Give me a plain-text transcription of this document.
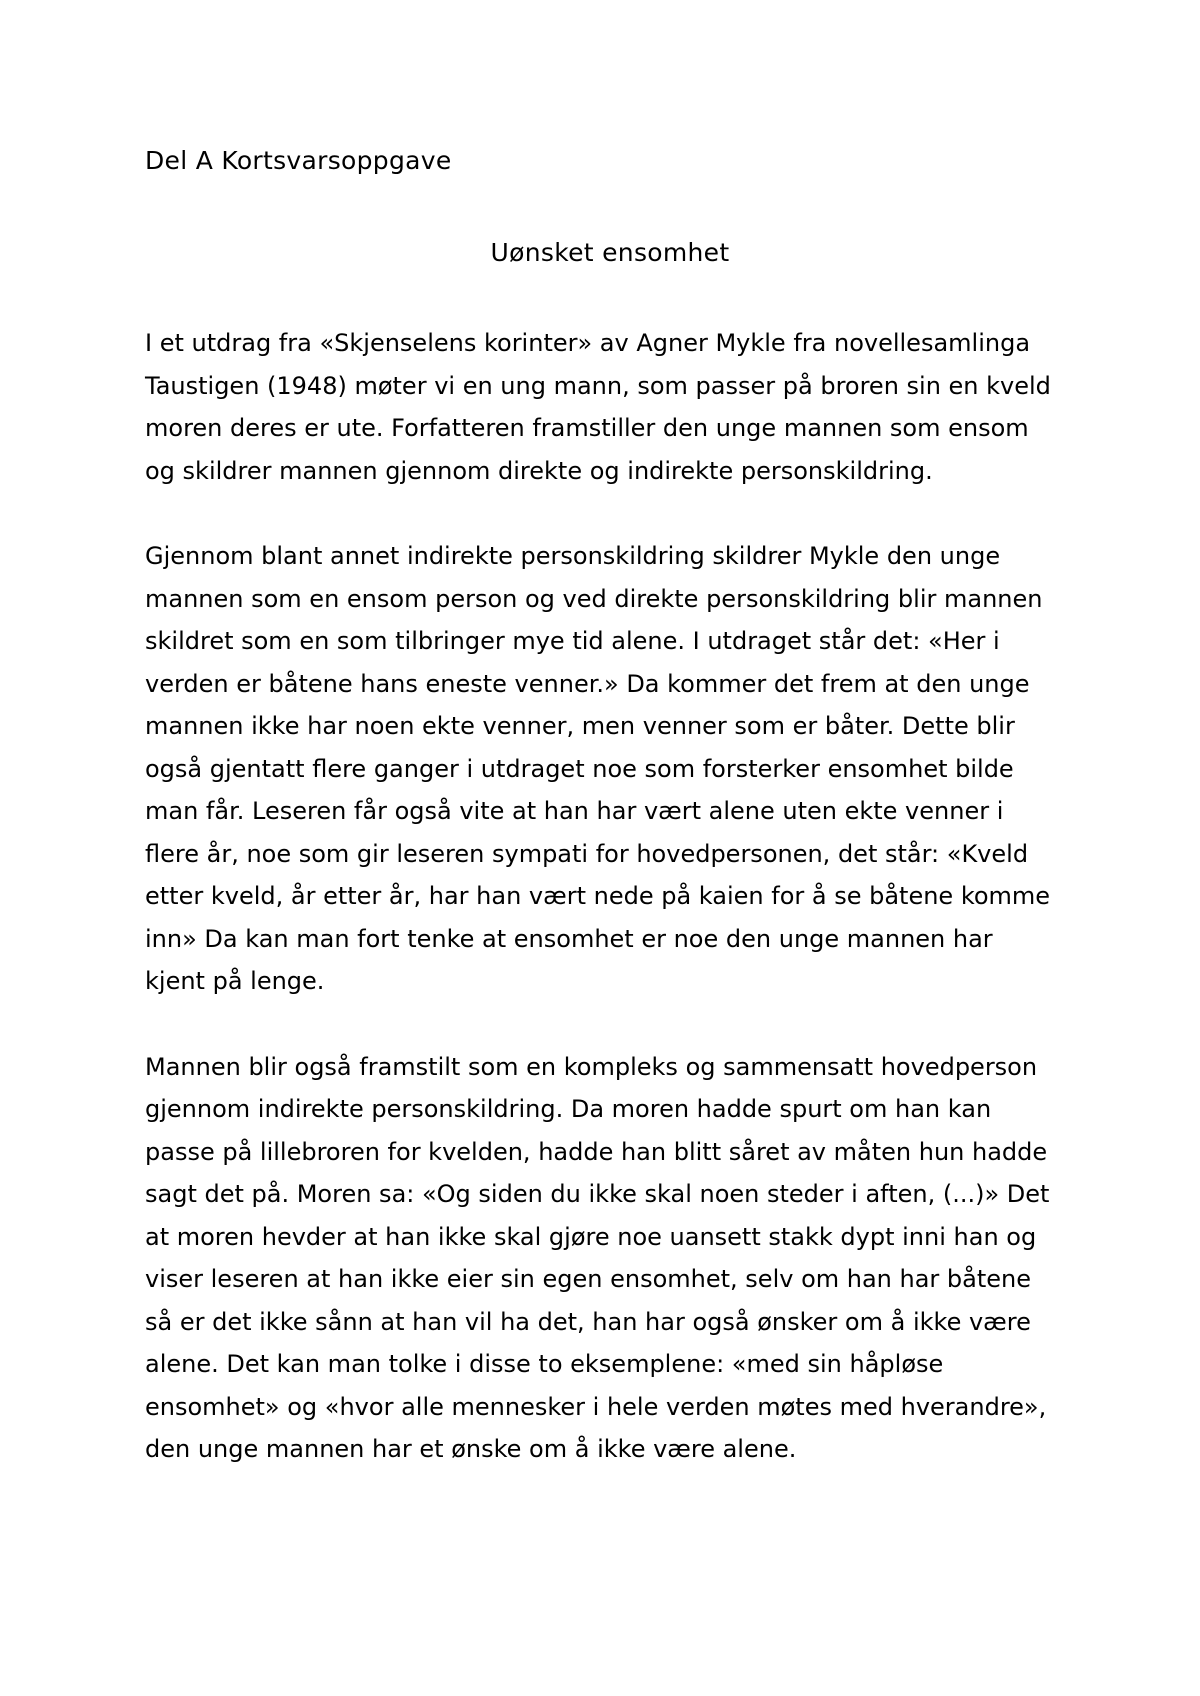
Del A Kortsvarsoppgave
Uønsket ensomhet

I et utdrag fra «Skjenselens korinter» av Agner Mykle fra novellesamlinga
Taustigen (1948) møter vi en ung mann, som passer på broren sin en kveld
moren deres er ute. Forfatteren framstiller den unge mannen som ensom
og skildrer mannen gjennom direkte og indirekte personskildring.

Gjennom blant annet indirekte personskildring skildrer Mykle den unge
mannen som en ensom person og ved direkte personskildring blir mannen
skildret som en som tilbringer mye tid alene. I utdraget står det: «Her i
verden er båtene hans eneste venner.» Da kommer det frem at den unge
mannen ikke har noen ekte venner, men venner som er båter. Dette blir
også gjentatt flere ganger i utdraget noe som forsterker ensomhet bilde
man får. Leseren får også vite at han har vært alene uten ekte venner i
flere år, noe som gir leseren sympati for hovedpersonen, det står: «Kveld
etter kveld, år etter år, har han vært nede på kaien for å se båtene komme
inn» Da kan man fort tenke at ensomhet er noe den unge mannen har
kjent på lenge.

Mannen blir også framstilt som en kompleks og sammensatt hovedperson
gjennom indirekte personskildring. Da moren hadde spurt om han kan
passe på lillebroren for kvelden, hadde han blitt såret av måten hun hadde
sagt det på. Moren sa: «Og siden du ikke skal noen steder i aften, (...)» Det
at moren hevder at han ikke skal gjøre noe uansett stakk dypt inni han og
viser leseren at han ikke eier sin egen ensomhet, selv om han har båtene
så er det ikke sånn at han vil ha det, han har også ønsker om å ikke være
alene. Det kan man tolke i disse to eksemplene: «med sin håpløse
ensomhet» og «hvor alle mennesker i hele verden møtes med hverandre»,
den unge mannen har et ønske om å ikke være alene.
